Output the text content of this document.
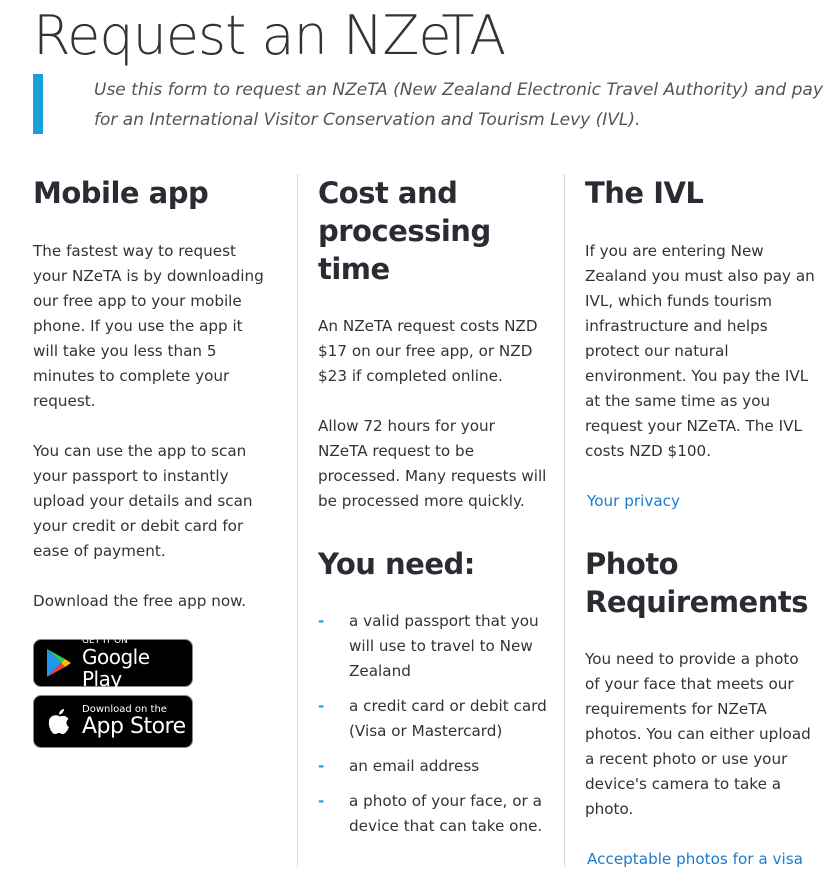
Request an NZeTA

Use this form to request an NZeTA (New Zealand Electronic Travel Authority) and pay for an International Visitor Conservation and Tourism Levy (IVL).

Mobile app

The fastest way to request your NZeTA is by downloading our free app to your mobile phone. If you use the app it will take you less than 5 minutes to complete your request.

You can use the app to scan your passport to instantly upload your details and scan your credit or debit card for ease of payment.

Download the free app now.

GET IT ON
Google Play
Download on the
App Store
Cost and processing time

An NZeTA request costs NZD $17 on our free app, or NZD $23 if completed online.

Allow 72 hours for your NZeTA request to be processed. Many requests will be processed more quickly.

You need:
- a valid passport that you will use to travel to New Zealand
- a credit card or debit card (Visa or Mastercard)
- an email address
- a photo of your face, or a device that can take one.
The IVL

If you are entering New Zealand you must also pay an IVL, which funds tourism infrastructure and helps protect our natural environment. You pay the IVL at the same time as you request your NZeTA. The IVL costs NZD $100.

Your privacy
Photo Requirements

You need to provide a photo of your face that meets our requirements for NZeTA photos. You can either upload a recent photo or use your device's camera to take a photo.

Acceptable photos for a visa
